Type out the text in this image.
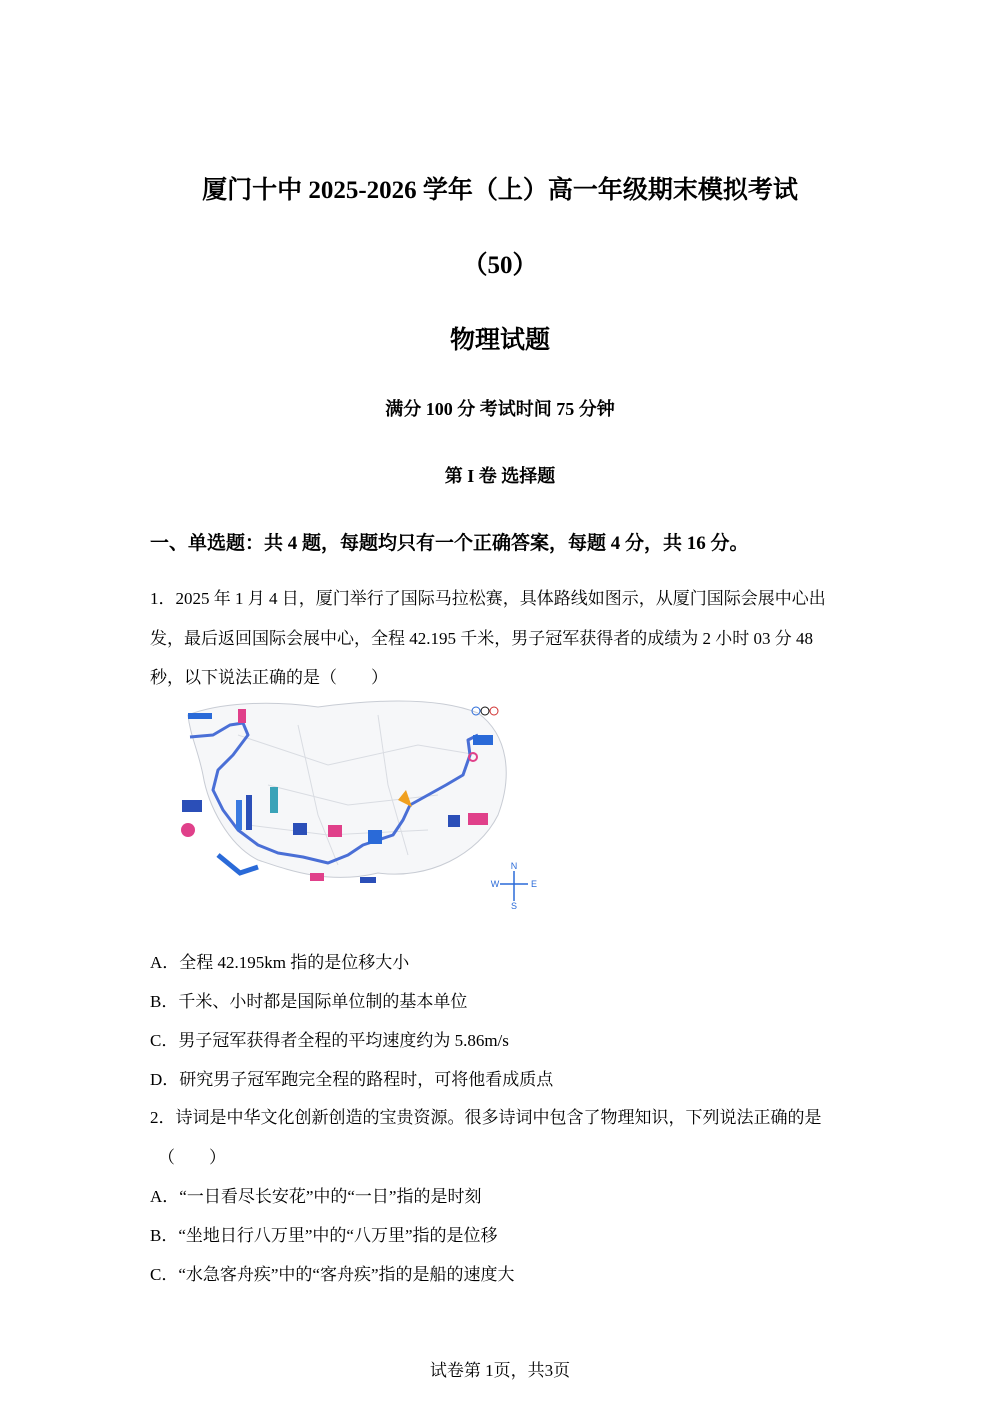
厦门十中 2025-2026 学年（上）高一年级期末模拟考试
（50）
物理试题
满分 100 分 考试时间 75 分钟
第 I 卷 选择题
一、单选题：共 4 题，每题均只有一个正确答案，每题 4 分，共 16 分。
1．2025 年 1 月 4 日，厦门举行了国际马拉松赛，具体路线如图示，从厦门国际会展中心出
发，最后返回国际会展中心，全程 42.195 千米，男子冠军获得者的成绩为 2 小时 03 分 48
秒，以下说法正确的是（　　）
N
S
E
W
A．全程 42.195km 指的是位移大小
B．千米、小时都是国际单位制的基本单位
C．男子冠军获得者全程的平均速度约为 5.86m/s
D．研究男子冠军跑完全程的路程时，可将他看成质点
2．诗词是中华文化创新创造的宝贵资源。很多诗词中包含了物理知识，下列说法正确的是
（　　）
A．“一日看尽长安花”中的“一日”指的是时刻
B．“坐地日行八万里”中的“八万里”指的是位移
C．“水急客舟疾”中的“客舟疾”指的是船的速度大
试卷第 1页，共3页
